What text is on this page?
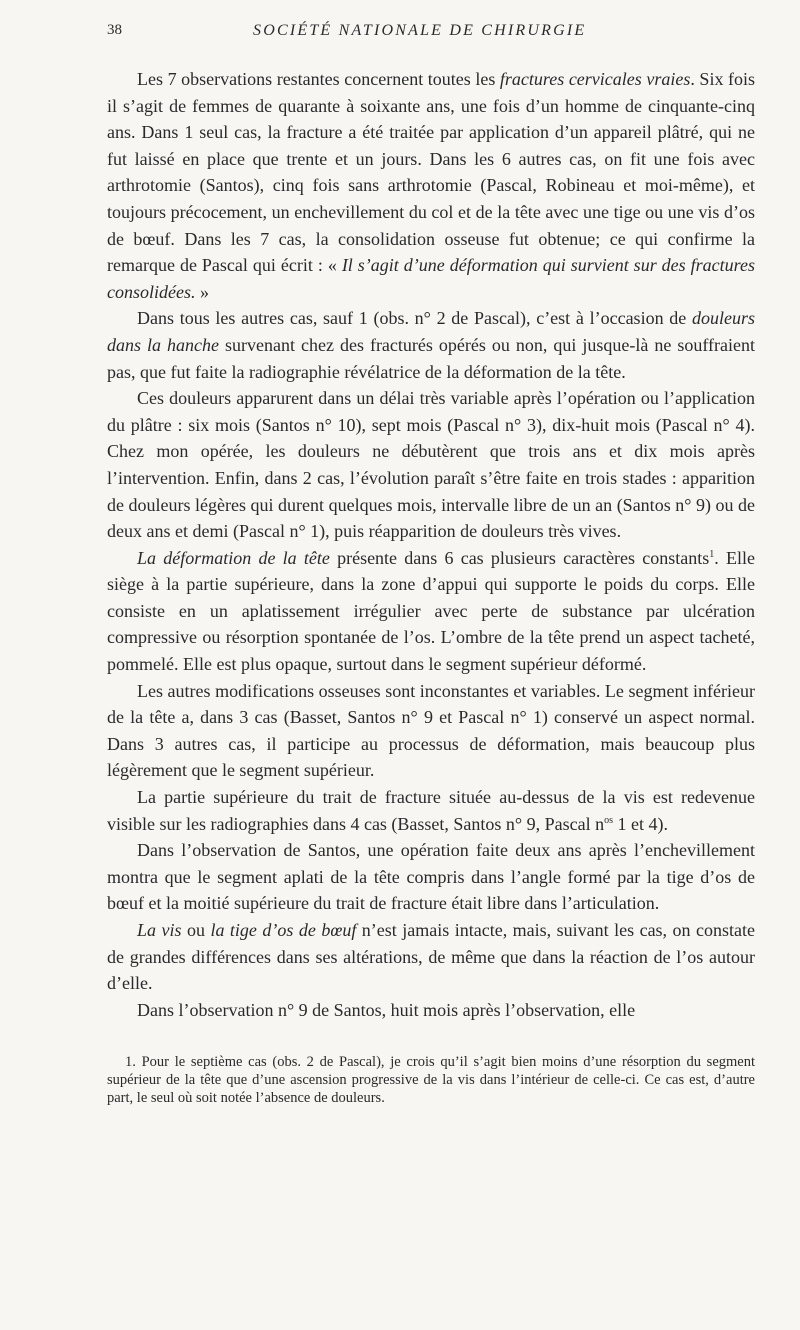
38	SOCIÉTÉ NATIONALE DE CHIRURGIE

Les 7 observations restantes concernent toutes les fractures cervicales vraies. Six fois il s’agit de femmes de quarante à soixante ans, une fois d’un homme de cinquante-cinq ans. Dans 1 seul cas, la fracture a été traitée par application d’un appareil plâtré, qui ne fut laissé en place que trente et un jours. Dans les 6 autres cas, on fit une fois avec arthrotomie (Santos), cinq fois sans arthrotomie (Pascal, Robineau et moi-même), et toujours précocement, un enchevillement du col et de la tête avec une tige ou une vis d’os de bœuf. Dans les 7 cas, la consolidation osseuse fut obtenue; ce qui confirme la remarque de Pascal qui écrit : « Il s’agit d’une déformation qui survient sur des fractures consolidées. »

Dans tous les autres cas, sauf 1 (obs. n° 2 de Pascal), c’est à l’occasion de douleurs dans la hanche survenant chez des fracturés opérés ou non, qui jusque-là ne souffraient pas, que fut faite la radiographie révélatrice de la déformation de la tête.

Ces douleurs apparurent dans un délai très variable après l’opération ou l’application du plâtre : six mois (Santos n° 10), sept mois (Pascal n° 3), dix-huit mois (Pascal n° 4). Chez mon opérée, les douleurs ne débutèrent que trois ans et dix mois après l’intervention. Enfin, dans 2 cas, l’évolution paraît s’être faite en trois stades : apparition de douleurs légères qui durent quelques mois, intervalle libre de un an (Santos n° 9) ou de deux ans et demi (Pascal n° 1), puis réapparition de douleurs très vives.

La déformation de la tête présente dans 6 cas plusieurs caractères constants$^1$. Elle siège à la partie supérieure, dans la zone d’appui qui supporte le poids du corps. Elle consiste en un aplatissement irrégulier avec perte de substance par ulcération compressive ou résorption spontanée de l’os. L’ombre de la tête prend un aspect tacheté, pommelé. Elle est plus opaque, surtout dans le segment supérieur déformé.

Les autres modifications osseuses sont inconstantes et variables. Le segment inférieur de la tête a, dans 3 cas (Basset, Santos n° 9 et Pascal n° 1) conservé un aspect normal. Dans 3 autres cas, il participe au processus de déformation, mais beaucoup plus légèrement que le segment supérieur.

La partie supérieure du trait de fracture située au-dessus de la vis est redevenue visible sur les radiographies dans 4 cas (Basset, Santos n° 9, Pascal $n^{os}$ 1 et 4).

Dans l’observation de Santos, une opération faite deux ans après l’enchevillement montra que le segment aplati de la tête compris dans l’angle formé par la tige d’os de bœuf et la moitié supérieure du trait de fracture était libre dans l’articulation.

La vis ou la tige d’os de bœuf n’est jamais intacte, mais, suivant les cas, on constate de grandes différences dans ses altérations, de même que dans la réaction de l’os autour d’elle.

Dans l’observation n° 9 de Santos, huit mois après l’observation, elle

1. Pour le septième cas (obs. 2 de Pascal), je crois qu’il s’agit bien moins d’une résorption du segment supérieur de la tête que d’une ascension progressive de la vis dans l’intérieur de celle-ci. Ce cas est, d’autre part, le seul où soit notée l’absence de douleurs.
